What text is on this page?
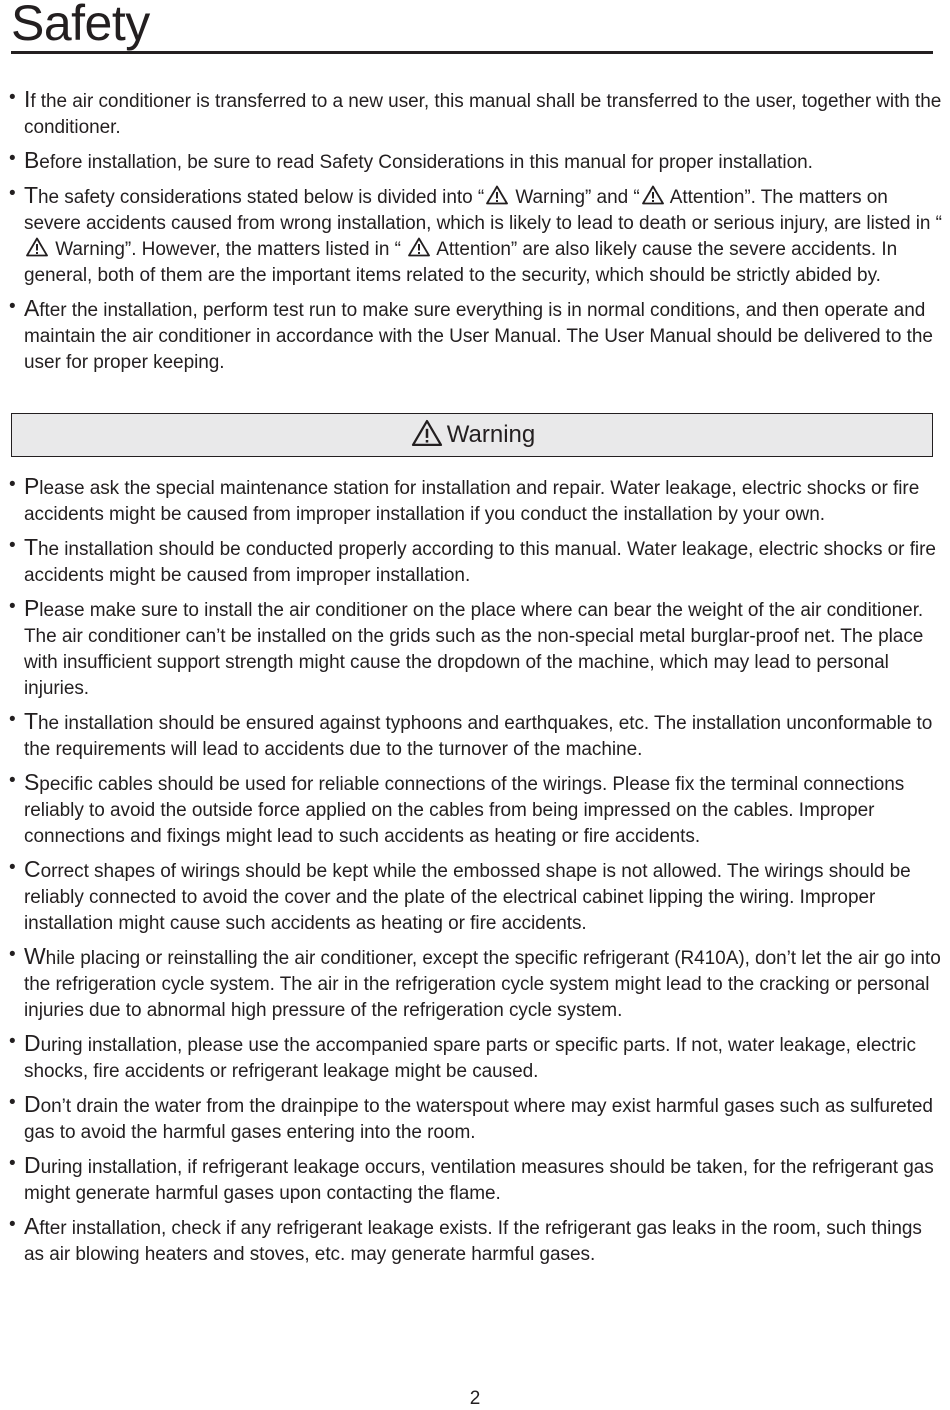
Safety
• If the air conditioner is transferred to a new user, this manual shall be transferred to the user, together with the conditioner.
• Before installation, be sure to read Safety Considerations in this manual for proper installation.
• The safety considerations stated below is divided into “ Warning” and “ Attention”. The matters on severe accidents caused from wrong installation, which is likely to lead to death or serious injury, are listed in “  Warning”. However, the matters listed in “  Attention” are also likely cause the severe accidents. In general, both of them are the important items related to the security, which should be strictly abided by.
• After the installation, perform test run to make sure everything is in normal conditions, and then operate and maintain the air conditioner in accordance with the User Manual. The User Manual should be delivered to the user for proper keeping.
Warning
• Please ask the special maintenance station for installation and repair. Water leakage, electric shocks or fire accidents might be caused from improper installation if you conduct the installation by your own.
• The installation should be conducted properly according to this manual. Water leakage, electric shocks or fire accidents might be caused from improper installation.
• Please make sure to install the air conditioner on the place where can bear the weight of the air conditioner. The air conditioner can’t be installed on the grids such as the non-special metal burglar-proof net. The place with insufficient support strength might cause the dropdown of the machine, which may lead to personal injuries.
• The installation should be ensured against typhoons and earthquakes, etc. The installation unconformable to the requirements will lead to accidents due to the turnover of the machine.
• Specific cables should be used for reliable connections of the wirings. Please fix the terminal connections reliably to avoid the outside force applied on the cables from being impressed on the cables. Improper connections and fixings might lead to such accidents as heating or fire accidents.
• Correct shapes of wirings should be kept while the embossed shape is not allowed. The wirings should be reliably connected to avoid the cover and the plate of the electrical cabinet lipping the wiring. Improper installation might cause such accidents as heating or fire accidents.
• While placing or reinstalling the air conditioner, except the specific refrigerant (R410A), don’t let the air go into the refrigeration cycle system. The air in the refrigeration cycle system might lead to the cracking or personal injuries due to abnormal high pressure of the refrigeration cycle system.
• During installation, please use the accompanied spare parts or specific parts. If not, water leakage, electric shocks, fire accidents or refrigerant leakage might be caused.
• Don’t drain the water from the drainpipe to the waterspout where may exist harmful gases such as sulfureted gas to avoid the harmful gases entering into the room.
• During installation, if refrigerant leakage occurs, ventilation measures should be taken, for the refrigerant gas might generate harmful gases upon contacting the flame.
• After installation, check if any refrigerant leakage exists. If the refrigerant gas leaks in the room, such things as air blowing heaters and stoves, etc. may generate harmful gases.
2
